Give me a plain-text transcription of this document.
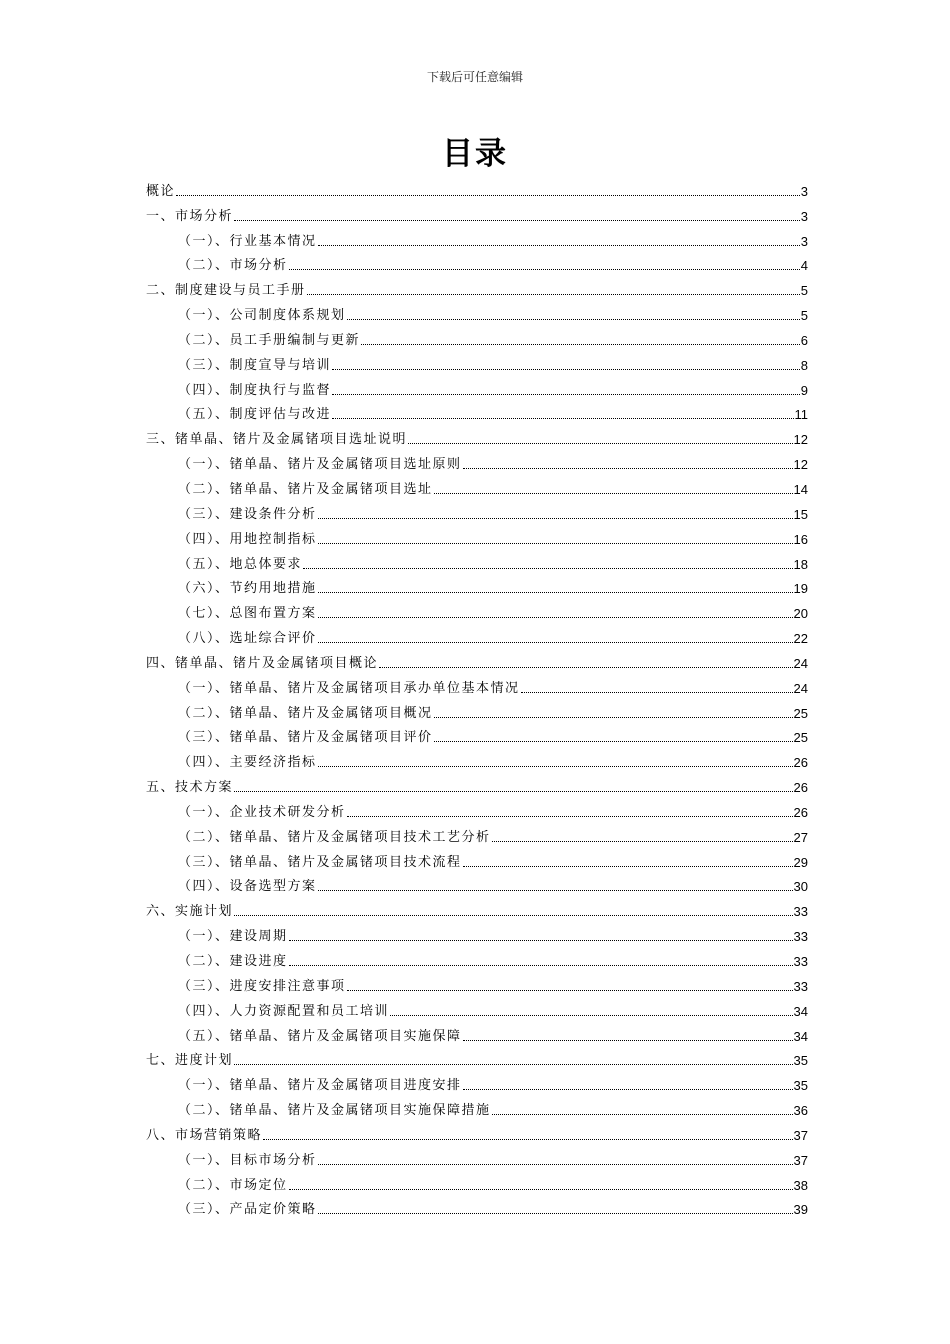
下载后可任意编辑
目录
概论	3
一、市场分析	3
（一）、行业基本情况	3
（二）、市场分析	4
二、制度建设与员工手册	5
（一）、公司制度体系规划	5
（二）、员工手册编制与更新	6
（三）、制度宣导与培训	8
（四）、制度执行与监督	9
（五）、制度评估与改进	11
三、锗单晶、锗片及金属锗项目选址说明	12
（一）、锗单晶、锗片及金属锗项目选址原则	12
（二）、锗单晶、锗片及金属锗项目选址	14
（三）、建设条件分析	15
（四）、用地控制指标	16
（五）、地总体要求	18
（六）、节约用地措施	19
（七）、总图布置方案	20
（八）、选址综合评价	22
四、锗单晶、锗片及金属锗项目概论	24
（一）、锗单晶、锗片及金属锗项目承办单位基本情况	24
（二）、锗单晶、锗片及金属锗项目概况	25
（三）、锗单晶、锗片及金属锗项目评价	25
（四）、主要经济指标	26
五、技术方案	26
（一）、企业技术研发分析	26
（二）、锗单晶、锗片及金属锗项目技术工艺分析	27
（三）、锗单晶、锗片及金属锗项目技术流程	29
（四）、设备选型方案	30
六、实施计划	33
（一）、建设周期	33
（二）、建设进度	33
（三）、进度安排注意事项	33
（四）、人力资源配置和员工培训	34
（五）、锗单晶、锗片及金属锗项目实施保障	34
七、进度计划	35
（一）、锗单晶、锗片及金属锗项目进度安排	35
（二）、锗单晶、锗片及金属锗项目实施保障措施	36
八、市场营销策略	37
（一）、目标市场分析	37
（二）、市场定位	38
（三）、产品定价策略	39
